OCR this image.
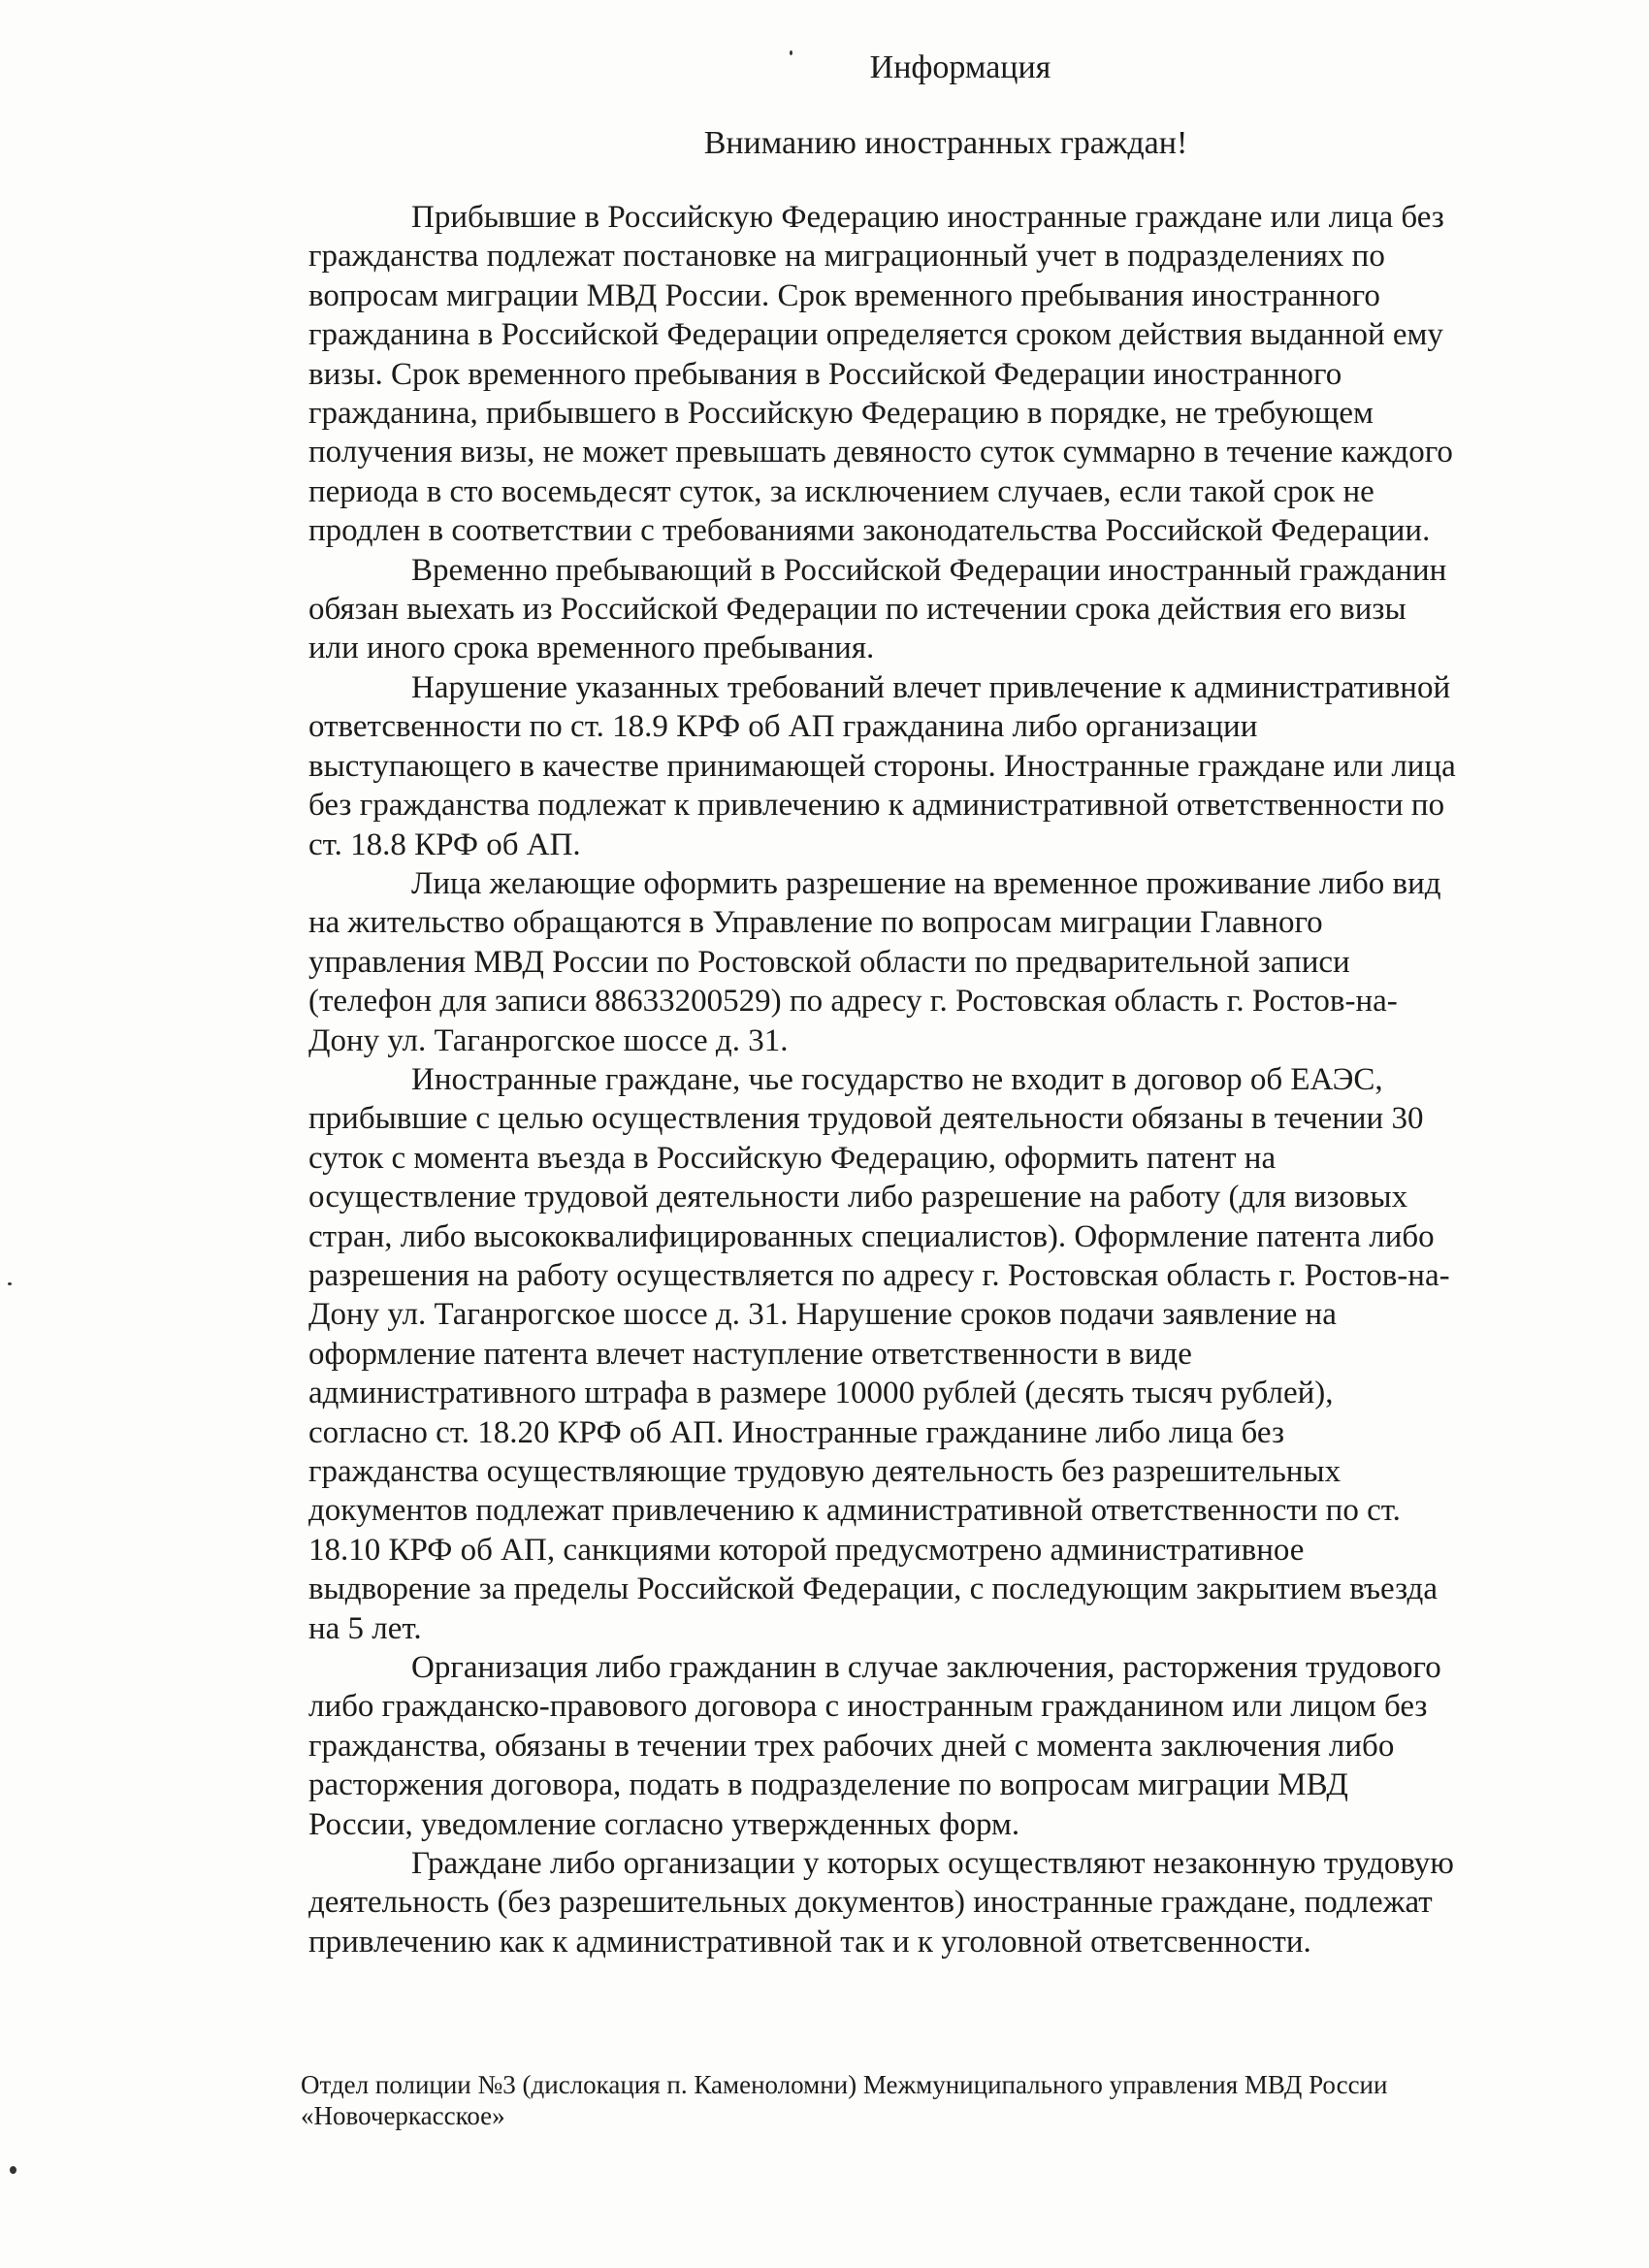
Информация
Вниманию иностранных граждан!

Прибывшие в Российскую Федерацию иностранные граждане или лица без
гражданства подлежат постановке на миграционный учет в подразделениях по
вопросам миграции МВД России. Срок временного пребывания иностранного
гражданина в Российской Федерации определяется сроком действия выданной ему
визы. Срок временного пребывания в Российской Федерации иностранного
гражданина, прибывшего в Российскую Федерацию в порядке, не требующем
получения визы, не может превышать девяносто суток суммарно в течение каждого
периода в сто восемьдесят суток, за исключением случаев, если такой срок не
продлен в соответствии с требованиями законодательства Российской Федерации.

Временно пребывающий в Российской Федерации иностранный гражданин
обязан выехать из Российской Федерации по истечении срока действия его визы
или иного срока временного пребывания.

Нарушение указанных требований влечет привлечение к административной
ответсвенности по ст. 18.9 КРФ об АП гражданина либо организации
выступающего в качестве принимающей стороны. Иностранные граждане или лица
без гражданства подлежат к привлечению к административной ответственности по
ст. 18.8 КРФ об АП.

Лица желающие оформить разрешение на временное проживание либо вид
на жительство обращаются в Управление по вопросам миграции Главного
управления МВД России по Ростовской области по предварительной записи
(телефон для записи 88633200529) по адресу г. Ростовская область г. Ростов-на-
Дону ул. Таганрогское шоссе д. 31.

Иностранные граждане, чье государство не входит в договор об ЕАЭС,
прибывшие с целью осуществления трудовой деятельности обязаны в течении 30
суток с момента въезда в Российскую Федерацию, оформить патент на
осуществление трудовой деятельности либо разрешение на работу (для визовых
стран, либо высококвалифицированных специалистов). Оформление патента либо
разрешения на работу осуществляется по адресу г. Ростовская область г. Ростов-на-
Дону ул. Таганрогское шоссе д. 31. Нарушение сроков подачи заявление на
оформление патента влечет наступление ответственности в виде
административного штрафа в размере 10000 рублей (десять тысяч рублей),
согласно ст. 18.20 КРФ об АП. Иностранные гражданине либо лица без
гражданства осуществляющие трудовую деятельность без разрешительных
документов подлежат привлечению к административной ответственности по ст.
18.10 КРФ об АП, санкциями которой предусмотрено административное
выдворение за пределы Российской Федерации, с последующим закрытием въезда
на 5 лет.

Организация либо гражданин в случае заключения, расторжения трудового
либо гражданско-правового договора с иностранным гражданином или лицом без
гражданства, обязаны в течении трех рабочих дней с момента заключения либо
расторжения договора, подать в подразделение по вопросам миграции МВД
России, уведомление согласно утвержденных форм.

Граждане либо организации у которых осуществляют незаконную трудовую
деятельность (без разрешительных документов) иностранные граждане, подлежат
привлечению как к административной так и к уголовной ответсвенности.

Отдел полиции №3 (дислокация п. Каменоломни) Межмуниципального управления МВД России
«Новочеркасское»
